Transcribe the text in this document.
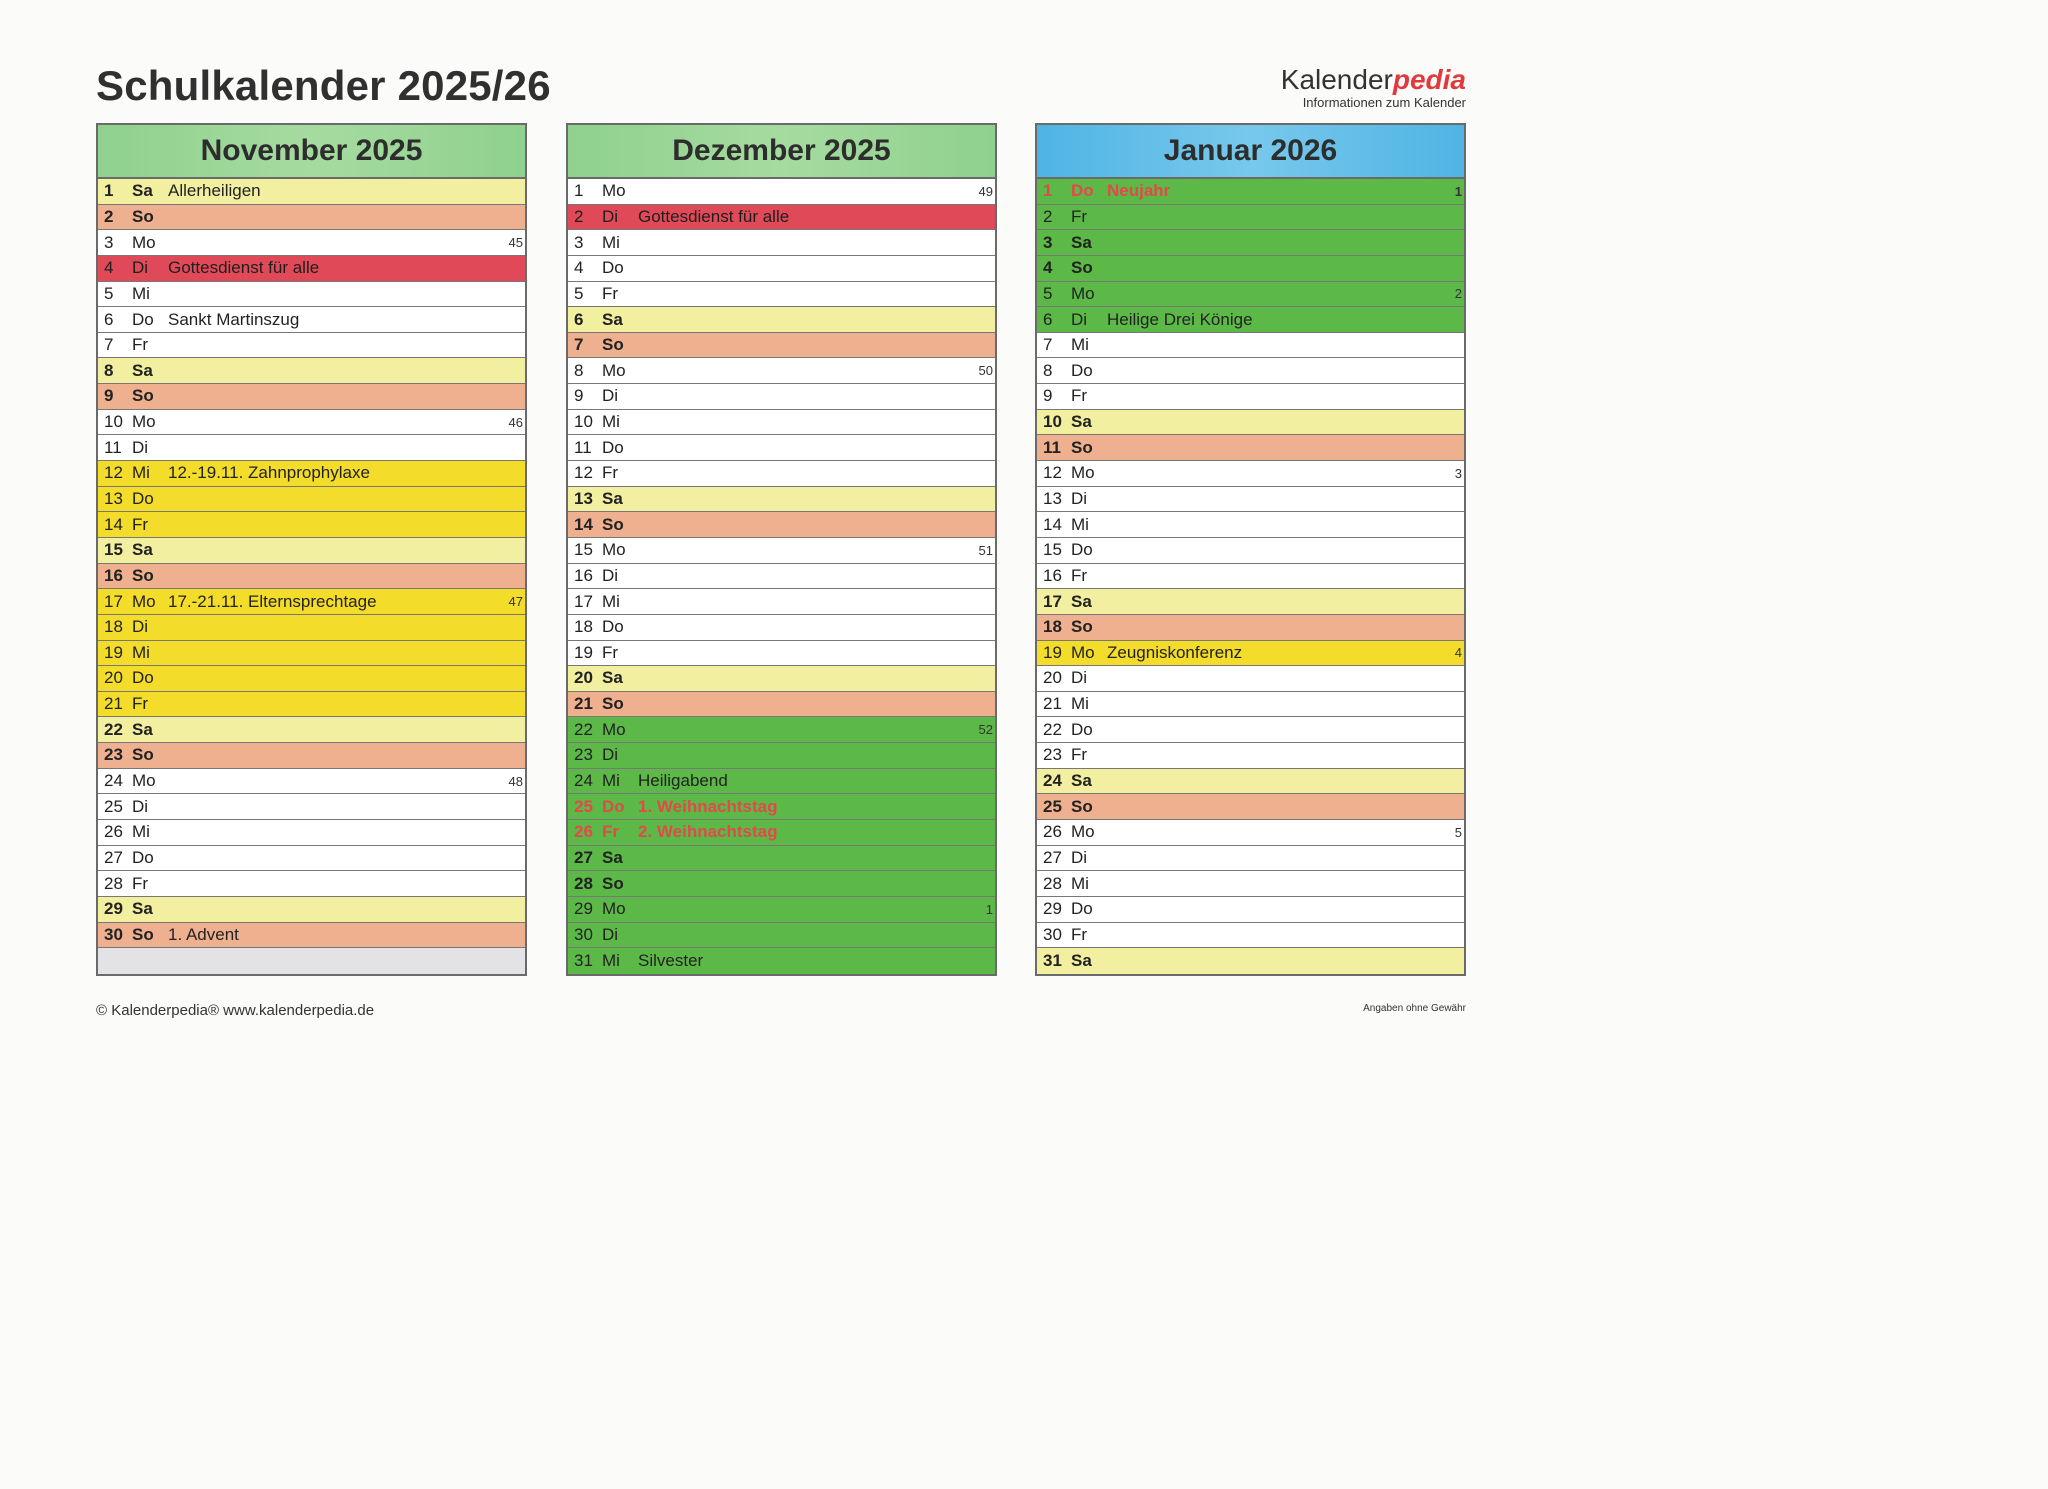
Schulkalender 2025/26	Kalenderpedia
Informationen zum Kalender
November 2025
1	Sa Allerheiligen
2	So
3	Mo	45
4	Di	Gottesdienst für alle
5	Mi
6	Do Sankt Martinszug
7	Fr
8	Sa
9	So
10 Mo	46
11 Di
12 Mi	12.-19.11. Zahnprophylaxe
13 Do
14 Fr
15 Sa
16 So
17 Mo 17.-21.11. Elternsprechtage	47
18 Di
19 Mi
20 Do
21 Fr
22 Sa
23 So
24 Mo	48
25 Di
26 Mi
27 Do
28 Fr
29 Sa
30 So 1. Advent
Dezember 2025
1	Mo	49
2	Di	Gottesdienst für alle
3	Mi
4	Do
5	Fr
6	Sa
7	So
8	Mo	50
9	Di
10 Mi
11 Do
12 Fr
13 Sa
14 So
15 Mo	51
16 Di
17 Mi
18 Do
19 Fr
20 Sa
21 So
22 Mo	52
23 Di
24 Mi	Heiligabend
25 Do 1. Weihnachtstag
26 Fr	2. Weihnachtstag
27 Sa
28 So
29 Mo	1
30 Di
31 Mi	Silvester
Januar 2026
1	Do Neujahr	1
2	Fr
3	Sa
4	So
5	Mo	2
6	Di	Heilige Drei Könige
7	Mi
8	Do
9	Fr
10 Sa
11 So
12 Mo	3
13 Di
14 Mi
15 Do
16 Fr
17 Sa
18 So
19 Mo Zeugniskonferenz	4
20 Di
21 Mi
22 Do
23 Fr
24 Sa
25 So
26 Mo	5
27 Di
28 Mi
29 Do
30 Fr
31 Sa
© Kalenderpedia® www.kalenderpedia.de	Angaben ohne Gewähr
